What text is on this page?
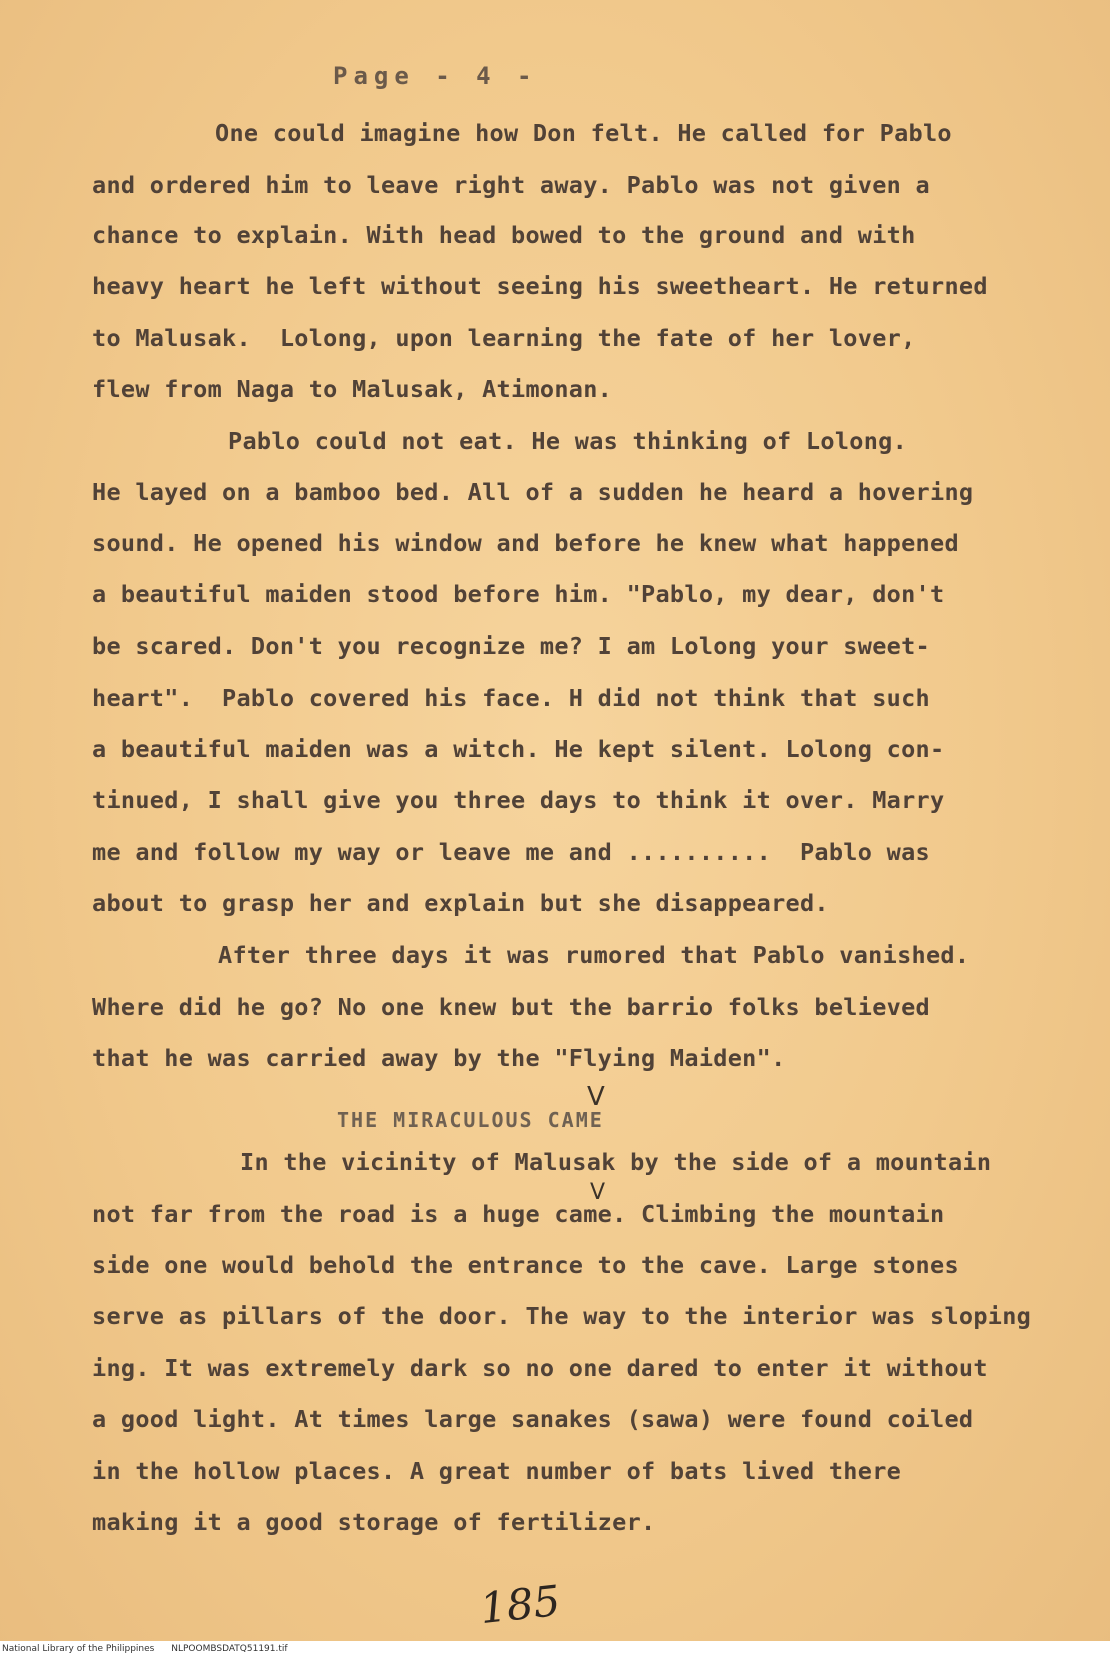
Page - 4 -
One could imagine how Don felt. He called for Pablo
and ordered him to leave right away. Pablo was not given a
chance to explain. With head bowed to the ground and with
heavy heart he left without seeing his sweetheart. He returned
to Malusak.  Lolong, upon learning the fate of her lover,
flew from Naga to Malusak, Atimonan.
Pablo could not eat. He was thinking of Lolong.
He layed on a bamboo bed. All of a sudden he heard a hovering
sound. He opened his window and before he knew what happened
a beautiful maiden stood before him. "Pablo, my dear, don't
be scared. Don't you recognize me? I am Lolong your sweet-
heart".  Pablo covered his face. H did not think that such
a beautiful maiden was a witch. He kept silent. Lolong con-
tinued, I shall give you three days to think it over. Marry
me and follow my way or leave me and ..........  Pablo was
about to grasp her and explain but she disappeared.
After three days it was rumored that Pablo vanished.
Where did he go? No one knew but the barrio folks believed
that he was carried away by the "Flying Maiden".
THE MIRACULOUS CAME
V
In the vicinity of Malusak by the side of a mountain
not far from the road is a huge came. Climbing the mountain
V
side one would behold the entrance to the cave. Large stones
serve as pillars of the door. The way to the interior was sloping
ing. It was extremely dark so no one dared to enter it without
a good light. At times large sanakes (sawa) were found coiled
in the hollow places. A great number of bats lived there
making it a good storage of fertilizer.
185
National Library of the Philippines NLPOOMBSDATQ51191.tif
